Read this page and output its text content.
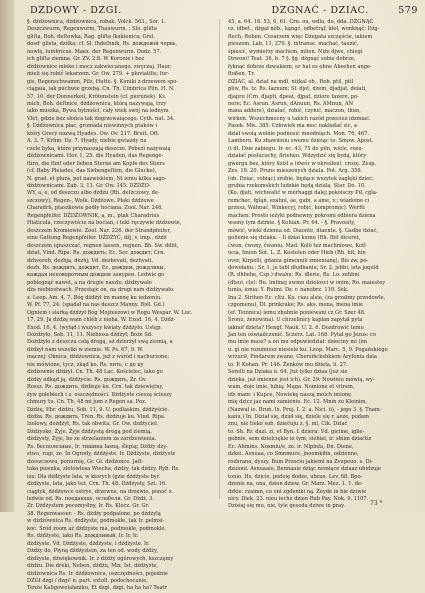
DZDOWY - DZGI.	DZGNAĆ - DZIAC.	579

§. dźdżownica, dżdżownica, robak. Volck. 563., Sor. 1.

Deszczwurm, Regenwurm, Thauwurm, ; Slo. gliſta

gliſta, Boh. deſtowka, Rag. gliſta ſkaklenica; Grsl.

dosd' glista, dziſka; cf. Sl. ſhdeſhnik, Rs. дождевой червь,

nowlę, lumbricus. Maex. der Regenwurm. Dodz. 57.

ich gliſta ziemna. Gr. ZV. 2:8. W Koronie i bez

dźdżownice mleko i mocz zakwiecanego, zwyczaj. Haur.

mieli się robić lekarzem. Gr. Ow. 279. + pluviatilis; fur-

gis, Regenschwamm, Pilz, Hutte. §. Kuniki z drzewem spo-

ciągaia, iak puchwie grzebą. Cn. Th. Cimbrica Plin. H. N.

57, 10. der Donnerkeil, Krötenstein (cf. piorunek). Ks.

mich, Boh. deſtnice, dżdżownica, którą nazywają, trzy

iako muszka, Bywa bytności, cały wiek swój na iednym

Vlet, gdzie bez słońca tak dogrzewaiącego. Cyth. nat. 34.

§. Dźdżownica płac, gromada niewinnych ptaków i

który Grecy nazwą Hyades. Ow. Ov. 217. Bruit. Oft.

A. 3. 7. Krhm. Dz. 7. Hyady, niebie gwiazdy na

czole byka, które przynaszają deszcze. Pobeżi nazywaią

dźdżownicami. Hor. 1, 25. die Hyaden, das Regenge-

ſtirn, die ſünf oder ſieben Sterne am Kopfe des Stiers

(cf. Baby Pleiades, das Siebengeſtirn, die Glucke),

N. grad. et plura, pot nazwiskiem, Ni iemu kilka sago-

dźdżownicami. Zab. 3, 11. Gr. Ow. 145. DŹDŻO-

WY, a, e, od deszczu albo dżdżu (Rh. deſzczowy, de-

szczowy), Regen-, Wolk. Dżdżowe. Płaki dźdżowe

Charadrii, ptaszkowie podły bociana. Zool. Nar. 246.

Regenpfeifer. DŹDŻOWNIK, a, m., ptak Charadrius

Hiaticula, rzeczywiście na bocian, i tuki ręczywie dźdżowie,

deszczem Kromiowie. Zool. Nar. 226. der Strandpfeifer,

eine Gattung Regenpfeifer. DŹDŻYĆ, dźj, v. imp., dżdż

deszczem upuszczać, regnen lassen, regnen. Bh. Sw. ddlit,

dziat, Vind. Ripa. Rs. дождить; Ec. Ser. дождит; Crn.

dzhveroh, dezhja, dezhj; Vd. dezhevati, dezhvati,

dezh. Rs. дождить, дождит, Ec. дождем, дождливы,

каждая неповоротным дождем занурен. Ledwie go

pobiegnąć nawet, a na drugie naszło, dźdżywało

dże niebiostwach. Przestaje on, na drugi nam dżdżywało.

z. Leop. Am. 4. 7. Bóg dżdżył im mannę ku iedzeniu.

W. Pf. 77, 24. (spadał na nas deszcz Manny. Biél. Gd.)

Ogniem i siarką dżdżył Bóg Mojżeszowi w Rogu Wespar. W. Luc.

17, 29. Ja dźdżę wam chléb z nieba. W. Exod. 16, 4. Dżdż-

Exod. 16, 4. (wyląd i wszyscy kwiaty dżdżyło. Ustęp.

Dożdżyło, Sob. 11, 11. Niebiosa dżdżył; Boże Sd.

Dożdżyło z deszczu całą drogą, aż dzierżył swą ziemią, a

dżdżył nam wszelki w ziemie. W. Ps. 67, 9. W.

inaczej: Oknica, dżdżownica, już z wśród i nachurzone;

nie mówione, tycz, zkąd ko. Rs. пить, с до ку

dżdżownie dżdżył. Cn. Th. 48 Lac. Kościelec, iako go

dźdży odkąd ją, dżdżycie. Rs. дождить, Żr. Ov.

Rossz. Rs. дождить, dżdżuje ku. Crn. tak dziewiętny,

żyw gołebiech i z. oszczędności. Dżdżyste cieszą ścieszy

chmury tu. Cn. Th. 48 mi jum z Regen sa. Poz.

Dżdżę, Ehr. dżdżu, Sob. 11, 9. U. podlaskim, dżdżyście.

dżdża. Rs. дождить, Tren. Rs. dżdżuje ku. Vind. Ripa.

Izolowy, dożdżyt, Rs. tak obwita. Gr. Ow. dzdżyciel.

Dżdżysko, Żyje. Żyje dżdżystą drogą pod ziemią.

dżdżysty, Żyje, bo ze strzelaniem za zardzewienia.

Rs. бесполезные, Ir. тишина Iasną, ślepią; Dżdży dży-

stwo, rugi, ze. In Ogrody, dżdżyste. Ir. Dżdżyste, dżdżyste

dzeszczowa, ponurnię, Gr. Gł. dżdżonce. Jaft-

taka piosnka, złotowłosa Wiecha, dżdży, tak dżdży. Ryb. Rs.

iza: Dla dżdżyste lata, w ktorych (gzie dżdżyste być

dżdżyste, lata, jako też. Crn. Th. 48. Dżdżysty, Szt. 16.

ciągłyk, dżdżowce ostrye, drzewne, na drzewie, ponoć z.

ledwie od. Rs. поедающе, ослабели. Gr. Dżdż. 3.

Zr. Dżdżystem pocomyślny, Ir. Rs. Klecz. Gr. Gr.

38. Regenwasser. - Rs. dżdży podpalone, po dżdżylą

w dźdżównica Rs. dżdżyste, podmokłe, tak Ir. pelmsi-

koć. Śród zoom aż dżdżyste ma, podmokle, podmokle.

Rs. dżdżyste, iako Rs. дождливый, Ir. Ir. Ir.

dżdżyste. Vd. Dżdżyste, dżdżyste, i dźdżyste. Ir.

Dżdży do, Płyną dżdżystem, za ten od. wody dżdży,

dżdżyste, dźwiękownik. Ir. z dżdży ogórowych, kszczęmy

dżdżu. Die dreki, Neben, dżdżu, Mix, Ist, dżdżyste,

dżdżownica Rs. Ir. dżdżownica, oszczędności, pojednie

DZGI dzgi / dzgi! n. part. extoll. podochocanie,

Tenże Kaligowelałaniku, Et dzgi, dzgi, ha ha ha? Teatr

45, a. 64. 18. 53, 6, 61. Crn. ou, wdla, do, dda. DŹGNĄĆ

cz. idbet., dźgał nób., kąngć, odbetrąf, kłoł, wonknąć; Dźg-

ftech, ftoben. Cesarzem więc Dżugata szczęście, iakiem

pieszem. Lab. 11, 270. §. intranse. machać, tauzić,

śpiesić, wymierzy machem, mlien. Niże djwe, chiegi

Dzwoni! Teat. 36, b. 7 §. §g. dźgnąć sobie dobrze,

fyknąć dobrze dzwakiem, er hat es ohne Absehen ange-

ftoßen. Tr.

DZIAC, al. dziat na mdł, niżkal ob., Rob. ptil, ptil

pliw, Rs. tz. Rs. łaznum; Sl. djet, dzem, djadjat, deiati,

djapru (Crn. djapti, dpeat, djpat, dziore faxere, po-

nere; Ec. Asrun, Asrun, dAnuun, Rs. AMnun, AN

mana addere), działać, robić, czynić, maczon, thun,

wirken. Wszechmocny u takich razód przeciez idzmiać.

Pasek. Mis. 385. Człowiek ma moc nakładać sic, a

dział swoią wolnie podnosić mnodniąch. Mon. 76, 467.

Lambern. Ku zbawieniu swemu dzieiąc to. Smow. Apost.

(i dt. Dzie zabiegu. Ir. ec. 43, 75 do piln, wiele, rozu-

działać poslucochy, flrieheo. Wdzydzić się bydą, który

gwergu bez, który dziśl a (dwór w określen). crozę. Zesp.

Zes. 19. 20. Pruns mieszenych dziala. Pot. Arg. 356.

(ob. Dziaс, robiąc) zrobie, będące wszytek zagłęki dziec;

grubia rzekomskich ludzkie będą dziala. Star. Do. 10.

(Ko. djati, wichwalić w mérhaggi dalej pokoisczy Pił. cgla-

remchec, fgląń, ezahni, ae, gabi, a ame, v.; wiadomo ci

przesz, Wahnać, Winkecyj, robić, kompromic). Werfti

machen. Prosto ieżyki podnewny pokromi odbiera dziena

wsony tym dzimie. § Kohian. Pr. 64. - §. Pravosity,

mówić, wieki dzienia od. Diaonte, diaente. §. Gadhe dziać,

golienie się dziaka. - Il dziai kumu (Rh. Ibit diceret,

ćwon, ćwony, ćwaniu; Mad. Kołó tez machniowe, Kotl

ucia, Imion Sot. L. Z. Kostolen oder Hieb (Rh. hit, hin

over, Kirpelli, gdania gimennili zmienianę), Bis zw. po-

dowołanu.: Sr. 1. je tabl dłudbaniu; Sr. 2. jebbi, ieta joquld

(R. dhhehe, Csp.) dwahu; Rs. dlerie, Rs. Lo. zehbni

(dtsui, cle): Bu. lmfinej uwmn dzielosci w onim; Ro. maiestey

tunia, ionia: Y. Rubni. Dz. r. nanobrz. 110. Sek.

Ina 2. Sirihon Ec. cltu. Ko. ciau alsie, (za grzałmy przodowle,

czgomenu), Dl. prinkrake; Rs. aks. mena, mena imie

(ef. Teinnica) iemu zhubnie poniewani cz Gr. Szer 48.

Sronu, żenowina). U chrzelinicy kaplan zapytał pyta

iaknof dzieta? Hengf. Nauk. U. 2. 6. Dozdrowić temu

Jan ten oświadczenić. Sczerz. Lat. 168. Pytał go Jezus: co

mu imie masz? a on mu odpowiedział: dzieciny mi (im

u. gi nie rozumiesz niesieie ku. Leop. Marc. 5, 9. Pogańskiego

wrzucił, Pindarem zwane, Chersińckshkiem Aryfonia dala

to. P. Kohan. Pr. 146. Żenków mu dżiela, ii. 27.

Sorelli na Dziaka ii. 64. Już tylko dziaa (już sie

dzieka, już imienne jest ich). Gr. 29. Nowiniu mówią, wy-

wam, doje imie, lubią; Mąga. Nomione et vitrem,

idz mam: i Kupce, Nowiekę naszą moich imionę

mię dzicz jaz nami zamienie. Ec. 12. Mnin zu Kleinim,

(Nazwał ie. Bruń. Ix. Pruj. I. 2. a. Nici. ii), - jego 3. §. Tnam-

kanu,) In. Diział się, dzieł się, dziele się r. aeze, podam

znu, nie tieko sob, dziećuju z, §. mi, Cik. Dziać

to. Sh. Rr. dazi. zi, et Byn. f. dziera: Vd. gicime, iglie-

gebnie, sem dzielciękie ie tym, siebiel, ir. słnim dziaćtiz

Ec. Ahmins. Nosmiu/e, ze. ir. Nlpinfa, Dn. Diene,

dzkei. Asnuaa, co Smnmuce, jnoomkihn, odzienne,

rozbrana, dyszy. Bum Przeciu jakieml na Zvupeuo. s. Di-

dzuioni. Asnuaaio, Bennaaie dziąc nemiące dziaaz ubidzuje

tonio. Hs, dzicie, podoię dodze, ubran. Lev. 68. Bpo-

dzenie na, ona, dzion dziew. Gr. Marz. Mez. 1. 1. de-

dzkie: rzaimn, co oni zgdeniki ną. Zeyde in bie dziwie

nicy. Diek. 23. nieu ieche dzien Rub Pay. Nok. 9. 1107.

Dzisiaj się mu, nie, tyle geseda dziwe in pray.	73 *
